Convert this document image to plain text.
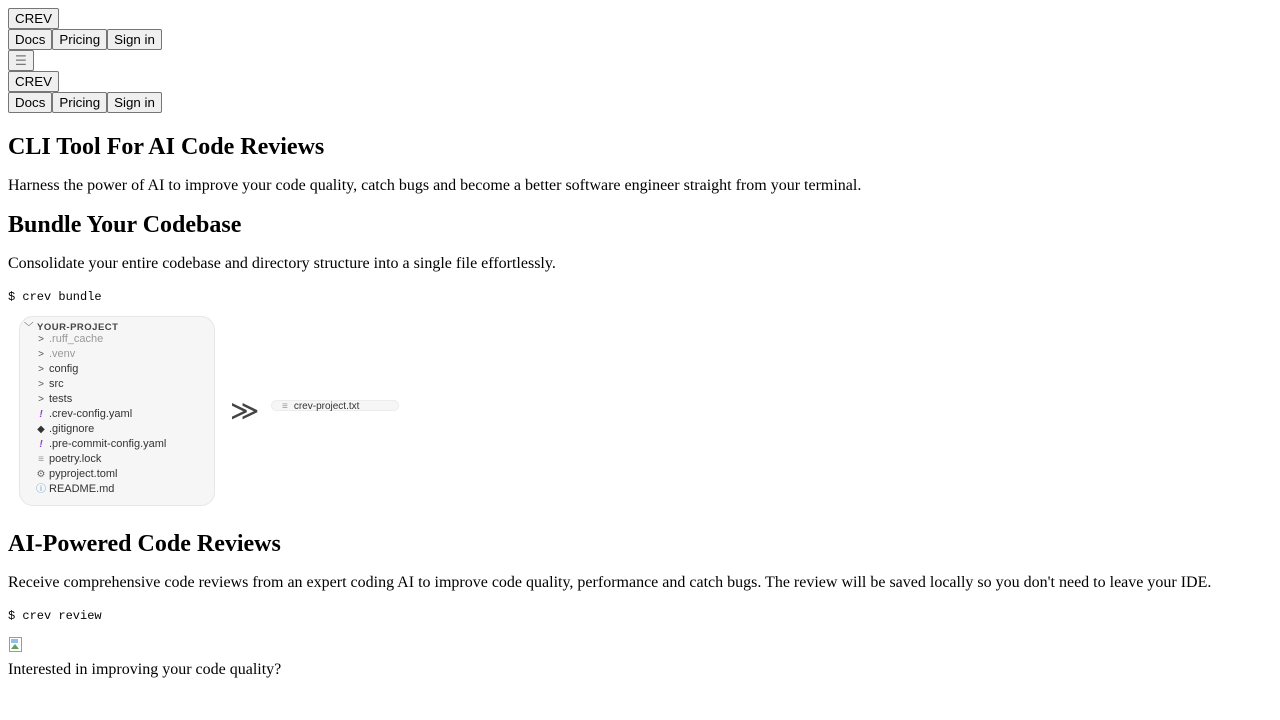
CREV
Docs	Pricing	Sign in
☰
CREV
Docs	Pricing	Sign in
CLI Tool For AI Code Reviews

Harness the power of AI to improve your code quality, catch bugs and become a better software engineer straight from your terminal.

Bundle Your Codebase

Consolidate your entire codebase and directory structure into a single file effortlessly.

$ crev bundle
﹀ YOUR-PROJECT
> .ruff_cache
> .venv
> config
> src
> tests
! .crev-config.yaml
◆ .gitignore
! .pre-commit-config.yaml
≡ poetry.lock
⚙ pyproject.toml
ⓘ README.md
≫	≡ crev-project.txt
AI-Powered Code Reviews

Receive comprehensive code reviews from an expert coding AI to improve code quality, performance and catch bugs. The review will be saved locally so you don't need to leave your IDE.

$ crev review

Interested in improving your code quality?
